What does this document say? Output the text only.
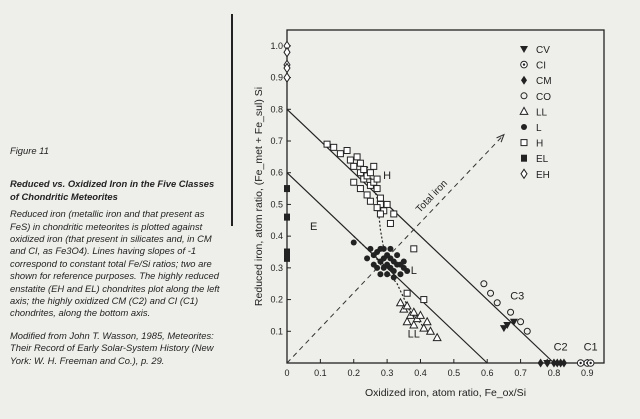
Figure 11
Reduced vs. Oxidized Iron in the Five Classes of Chondritic Meteorites
Reduced iron (metallic iron and that present as FeS) in chondritic meteorites is plotted against oxidized iron (that present in silicates and, in CM and CI, as Fe3O4). Lines having slopes of -1 correspond to constant total Fe/Si ratios; two are shown for reference purposes. The highly reduced enstatite (EH and EL) chondrites plot along the left axis; the highly oxidized CM (C2) and CI (C1) chondrites, along the bottom axis.
Modified from John T. Wasson, 1985, Meteorites: Their Record of Early Solar-System History (New York: W. H. Freeman and Co.), p. 29.
Total iron
0	0.1 0.2 0.3 0.4 0.5 0.6 0.7 0.8 0.9
0.1
0.2
0.3
0.4
0.5
0.6
0.7
0.8
0.9
1.0
H
E
L
LL
C3
C2 C1
CV
CI
CM
CO
LL
L
H
EL
EH
Oxidized iron, atom ratio, Fe_ox/Si
Reduced iron, atom ratio, (Fe_met + Fe_sul) Si
